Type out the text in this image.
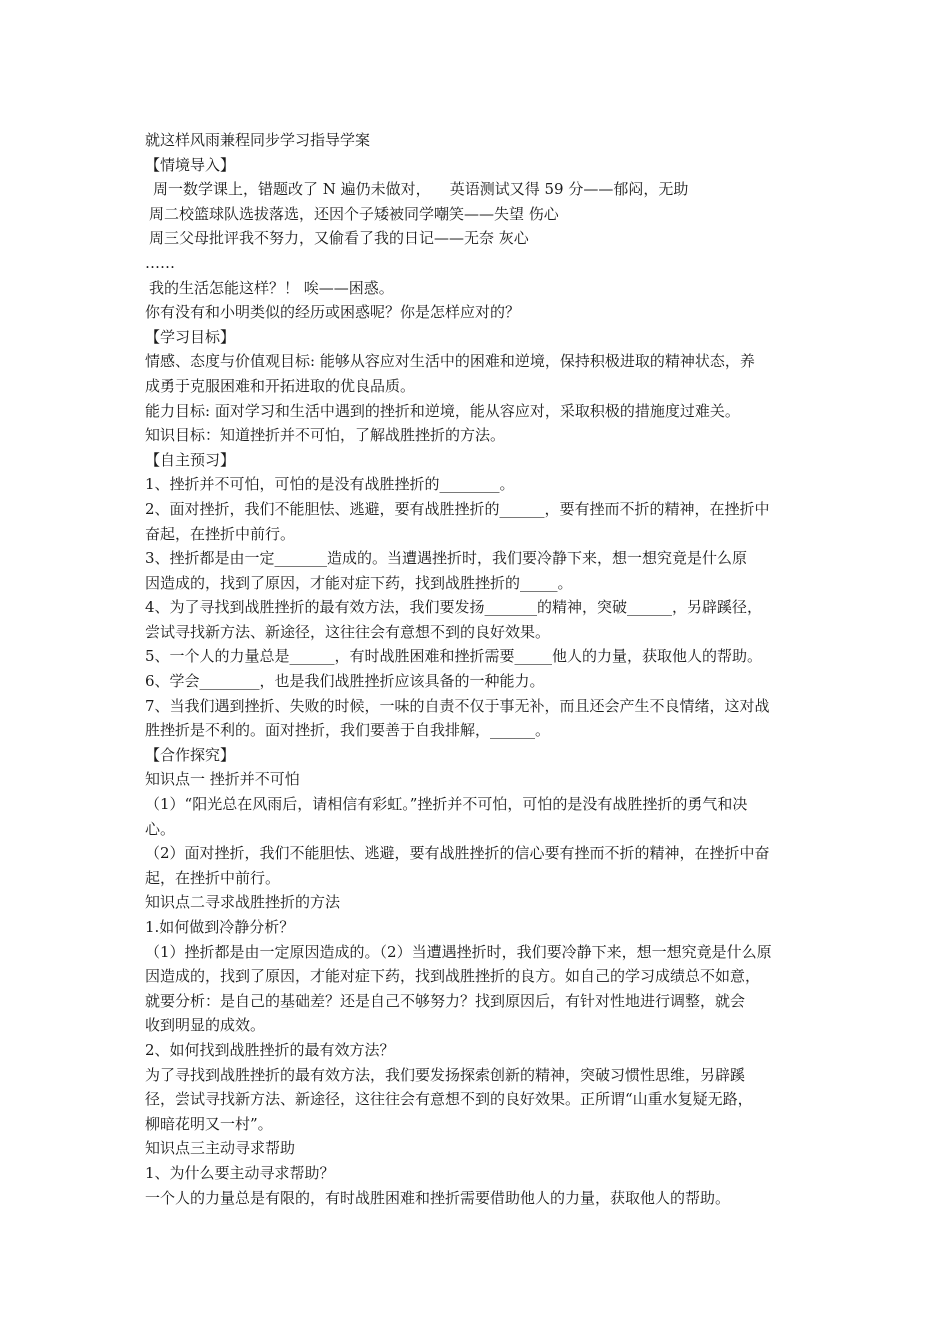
就这样风雨兼程同步学习指导学案
【情境导入】
周一数学课上，错题改了 N 遍仍未做对，    英语测试又得 59 分——郁闷，无助
周二校篮球队选拔落选，还因个子矮被同学嘲笑——失望 伤心
周三父母批评我不努力，又偷看了我的日记——无奈 灰心
……
我的生活怎能这样？！ 唉——困惑。
你有没有和小明类似的经历或困惑呢？你是怎样应对的？
【学习目标】
情感、态度与价值观目标: 能够从容应对生活中的困难和逆境，保持积极进取的精神状态，养
成勇于克服困难和开拓进取的优良品质。
能力目标: 面对学习和生活中遇到的挫折和逆境，能从容应对，采取积极的措施度过难关。
知识目标：知道挫折并不可怕，了解战胜挫折的方法。
【自主预习】
1、挫折并不可怕，可怕的是没有战胜挫折的________。
2、面对挫折，我们不能胆怯、逃避，要有战胜挫折的______，要有挫而不折的精神，在挫折中
奋起，在挫折中前行。
3、挫折都是由一定_______造成的。当遭遇挫折时，我们要冷静下来，想一想究竟是什么原
因造成的，找到了原因，才能对症下药，找到战胜挫折的_____。
4、为了寻找到战胜挫折的最有效方法，我们要发扬_______的精神，突破______，另辟蹊径，
尝试寻找新方法、新途径，这往往会有意想不到的良好效果。
5、一个人的力量总是______，有时战胜困难和挫折需要_____他人的力量，获取他人的帮助。
6、学会________，也是我们战胜挫折应该具备的一种能力。
7、当我们遇到挫折、失败的时候，一味的自责不仅于事无补，而且还会产生不良情绪，这对战
胜挫折是不利的。面对挫折，我们要善于自我排解，______。
【合作探究】
知识点一 挫折并不可怕
（1）“阳光总在风雨后，请相信有彩虹。”挫折并不可怕，可怕的是没有战胜挫折的勇气和决
心。
（2）面对挫折，我们不能胆怯、逃避，要有战胜挫折的信心要有挫而不折的精神，在挫折中奋
起，在挫折中前行。
知识点二寻求战胜挫折的方法
1.如何做到冷静分析？
（1）挫折都是由一定原因造成的。（2）当遭遇挫折时，我们要冷静下来，想一想究竟是什么原
因造成的，找到了原因，才能对症下药，找到战胜挫折的良方。如自己的学习成绩总不如意，
就要分析：是自己的基础差？还是自己不够努力？找到原因后，有针对性地进行调整，就会
收到明显的成效。
2、如何找到战胜挫折的最有效方法？
为了寻找到战胜挫折的最有效方法，我们要发扬探索创新的精神，突破习惯性思维，另辟蹊
径，尝试寻找新方法、新途径，这往往会有意想不到的良好效果。正所谓“山重水复疑无路，
柳暗花明又一村”。
知识点三主动寻求帮助
1、为什么要主动寻求帮助？
一个人的力量总是有限的，有时战胜困难和挫折需要借助他人的力量，获取他人的帮助。
